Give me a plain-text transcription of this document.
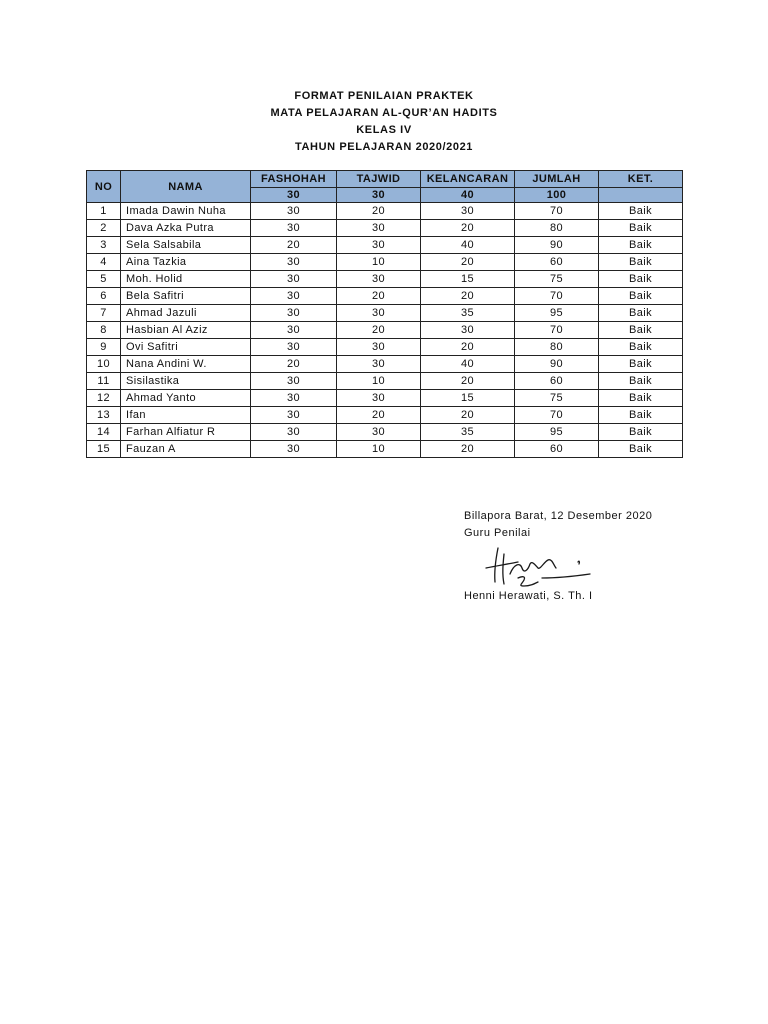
FORMAT PENILAIAN PRAKTEK
MATA PELAJARAN AL-QUR’AN HADITS
KELAS IV
TAHUN PELAJARAN 2020/2021
NO	NAMA	FASHOHAH	TAJWID	KELANCARAN	JUMLAH	KET.
		30	30	40	100	
1	Imada Dawin Nuha	30	20	30	70	Baik
2	Dava Azka Putra	30	30	20	80	Baik
3	Sela Salsabila	20	30	40	90	Baik
4	Aina Tazkia	30	10	20	60	Baik
5	Moh. Holid	30	30	15	75	Baik
6	Bela Safitri	30	20	20	70	Baik
7	Ahmad Jazuli	30	30	35	95	Baik
8	Hasbian Al Aziz	30	20	30	70	Baik
9	Ovi Safitri	30	30	20	80	Baik
10	Nana Andini W.	20	30	40	90	Baik
11	Sisilastika	30	10	20	60	Baik
12	Ahmad Yanto	30	30	15	75	Baik
13	Ifan	30	20	20	70	Baik
14	Farhan Alfiatur R	30	30	35	95	Baik
15	Fauzan A	30	10	20	60	Baik
Billapora Barat, 12 Desember 2020
Guru Penilai
Henni Herawati, S. Th. I
